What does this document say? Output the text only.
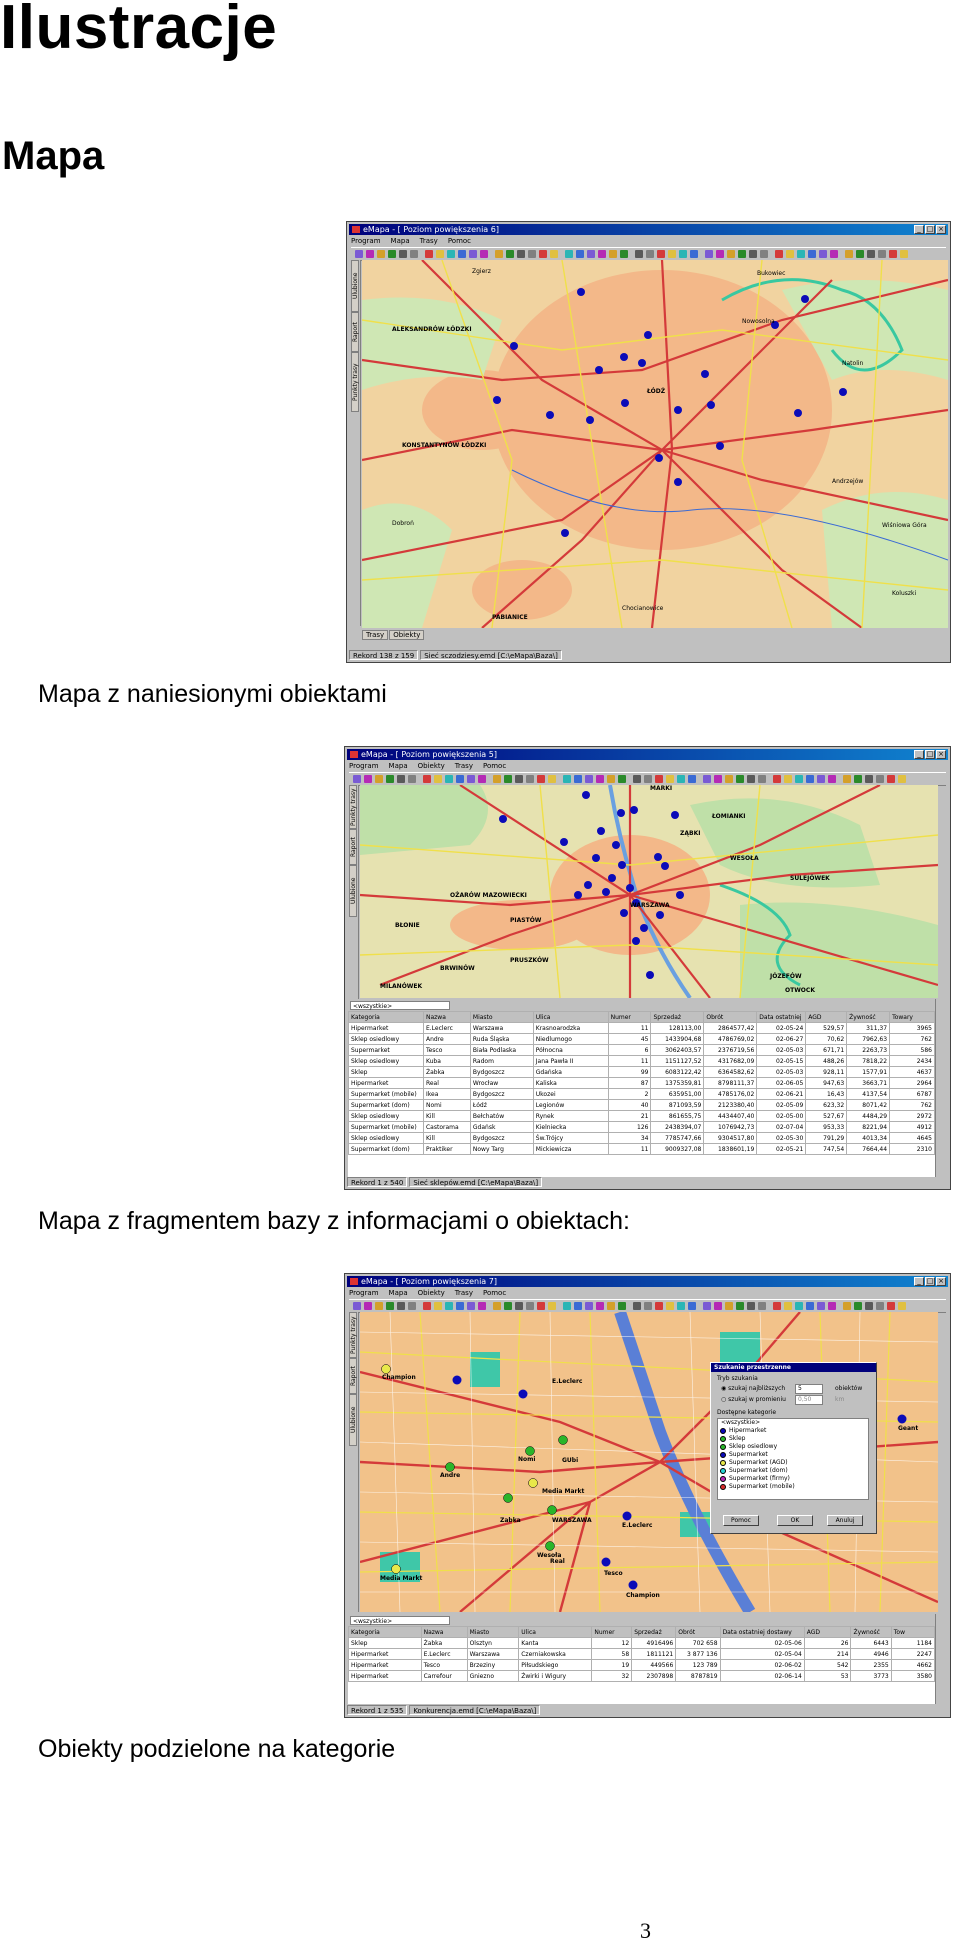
Ilustracje
Mapa
eMapa - [ Poziom powiększenia 6]	_ □ ×
Program Mapa Trasy Pomoc
Ulubione
Raport
Punkty trasy
ALEKSANDRÓW ŁÓDZKI
ŁÓDŹ
KONSTANTYNÓW ŁÓDZKI
PABIANICE
Zgierz	Bukowiec
Nowosolna
Natolin
Andrzejów
Wiśniowa Góra
Dobroń
Chocianowice
Koluszki
Trasy	Obiekty
Rekord 138 z 159	Sieć sczodziesy.emd [C:\eMapa\Baza\]
Mapa z naniesionymi obiektami
eMapa - [ Poziom powiększenia 5]	_ □ ×
Program Mapa Obiekty Trasy Pomoc
Ulubione
Raport
Punkty trasy	ŁOMIANKI
ZĄBKI
WESOŁA
SULEJÓWEK
OŻARÓW MAZOWIECKI
WARSZAWA
PIASTÓW
BŁONIE
PRUSZKÓW
BRWINÓW
JÓZEFÓW
OTWOCK
MILANÓWEK
MARKI
<wszystkie>
Kategoria	Nazwa	Miasto	Ulica	Numer	Sprzedaż	Obrót	Data ostatniej	AGD	Żywność	Towary
Hipermarket	E.Leclerc	Warszawa	Krasnoarodzka	11	128113,00	2864577,42	02-05-24	529,57	311,37	3965
Sklep osiedlowy	Andre	Ruda Śląska	Niedlumogo	45	1433904,68	4786769,02	02-06-27	70,62	7962,63	762
Supermarket	Tesco	Biała Podlaska	Północna	6	3062403,57	2376719,56	02-05-03	671,71	2263,73	586
Sklep osiedlowy	Kuba	Radom	Jana Pawła II	11	1151127,52	4317682,09	02-05-15	488,26	7818,22	2434
Sklep	Żabka	Bydgoszcz	Gdańska	99	6083122,42	6364582,62	02-05-03	928,11	1577,91	4637
Hipermarket	Real	Wrocław	Kaliska	87	1375359,81	8798111,37	02-06-05	947,63	3663,71	2964
Supermarket (mobile)	Ikea	Bydgoszcz	Ukozei	2	635951,00	4785176,02	02-06-21	16,43	4137,54	6787
Supermarket (dom)	Nomi	Łódź	Legionów	40	871093,59	2123380,40	02-05-09	623,32	8071,42	762
Sklep osiedlowy	Kill	Bełchatów	Rynek	21	861655,75	4434407,40	02-05-00	527,67	4484,29	2972
Supermarket (mobile)	Castorama	Gdańsk	Kielniecka	126	2438394,07	1076942,73	02-07-04	953,33	8221,94	4912
Sklep osiedlowy	Kill	Bydgoszcz	Św.Trójcy	34	7785747,66	9304517,80	02-05-30	791,29	4013,34	4645
Supermarket (dom)	Praktiker	Nowy Targ	Mickiewicza	11	9009327,08	1838601,19	02-05-21	747,54	7664,44	2310
Rekord 1 z 540	Sieć sklepów.emd [C:\eMapa\Baza\]
Mapa z fragmentem bazy z informacjami o obiektach:
eMapa - [ Poziom powiększenia 7]	_ □ ×
Program Mapa Obiekty Trasy Pomoc
Ulubione
Raport
Punkty trasy
Champion
E.Leclerc
Nomi
Andre
GUbi
Media Markt
WARSZAWA
Zabka
Real
E.Leclerc
Wesoła
Tesco
Champion
Media Markt
Geant
Szukanie przestrzenne
Tryb szukania
◉ szukaj najbliższych	5	obiektów
○ szukaj w promieniu	0,50	km
Dostępne kategorie
<wszystkie>
Hipermarket
Sklep
Sklep osiedlowy
Supermarket
Supermarket (AGD)
Supermarket (dom)
Supermarket (firmy)
Supermarket (mobile)
Pomoc	OK	Anuluj
<wszystkie>
Kategoria	Nazwa	Miasto	Ulica	Numer	Sprzedaż	Obrót	Data ostatniej dostawy	AGD	Żywność	Tow
Sklep	Żabka	Olsztyn	Kanta	12	4916496	702 658	02-05-06	26	6443	1184
Hipermarket	E.Leclerc	Warszawa	Czerniakowska	58	1811121	3 877 136	02-05-04	214	4946	2247
Hipermarket	Tesco	Brzeziny	Piłsudskiego	19	449566	123 789	02-06-02	542	2355	4662
Hipermarket	Carrefour	Gniezno	Żwirki i Wigury	32	2307898	8787819	02-06-14	53	3773	3580
Rekord 1 z 535	Konkurencja.emd [C:\eMapa\Baza\]
Obiekty podzielone na kategorie
3
